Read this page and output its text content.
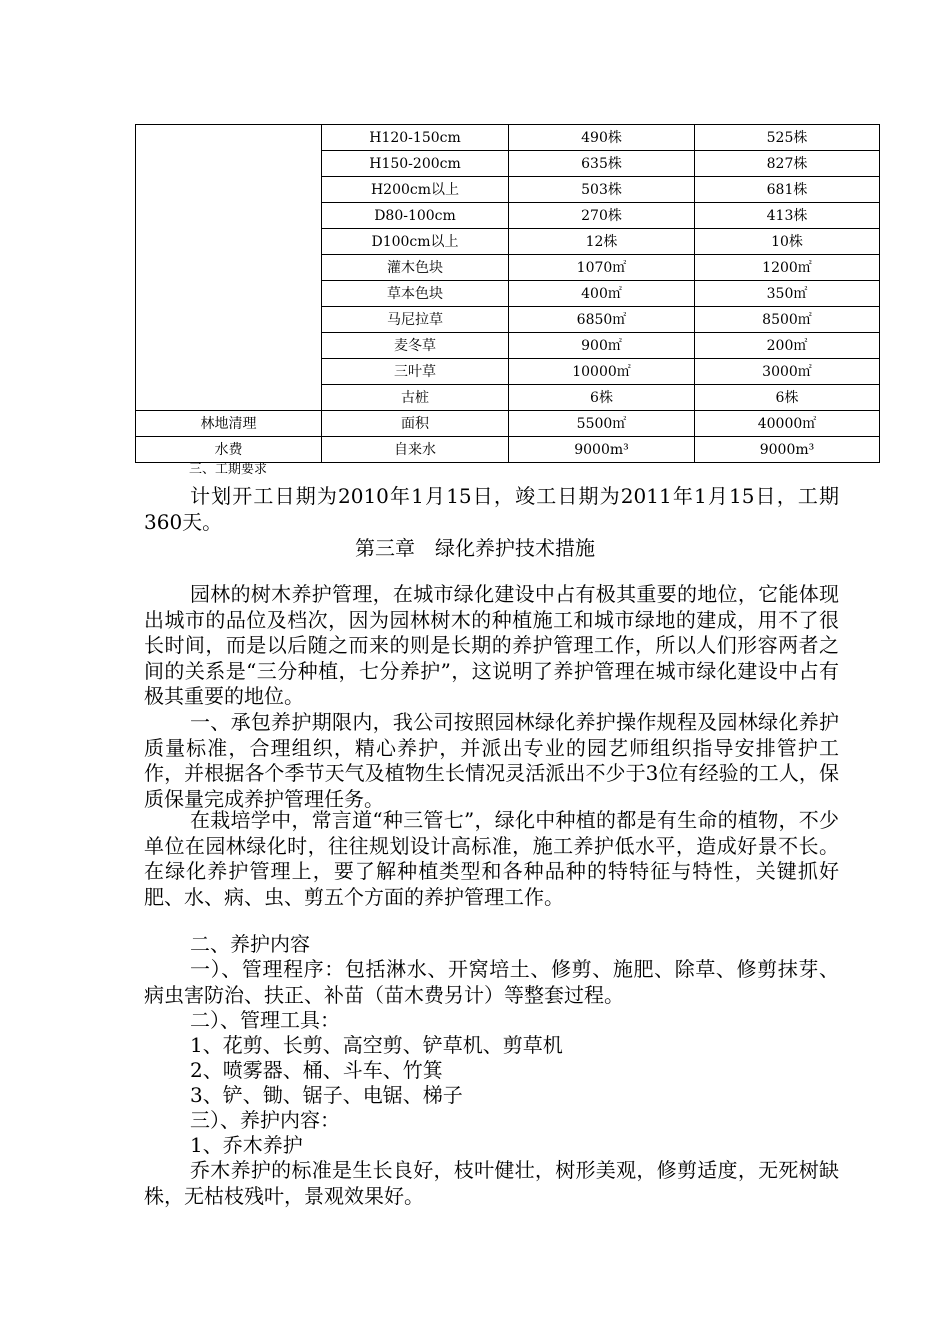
	H120-150cm	490株	525株
	H150-200cm	635株	827株
	H200cm以上	503株	681株
	D80-100cm	270株	413株
	D100cm以上	12株	10株
	灌木色块	1070㎡	1200㎡
	草本色块	400㎡	350㎡
	马尼拉草	6850㎡	8500㎡
	麦冬草	900㎡	200㎡
	三叶草	10000㎡	3000㎡
	古桩	6株	6株
林地清理	面积	5500㎡	40000㎡
水费	自来水	9000m³	9000m³
三、工期要求

计划开工日期为2010年1月15日，竣工日期为2011年1月15日，工期360天。

第三章　绿化养护技术措施

园林的树木养护管理，在城市绿化建设中占有极其重要的地位，它能体现出城市的品位及档次，因为园林树木的种植施工和城市绿地的建成，用不了很长时间，而是以后随之而来的则是长期的养护管理工作，所以人们形容两者之间的关系是“三分种植，七分养护”，这说明了养护管理在城市绿化建设中占有极其重要的地位。

一、承包养护期限内，我公司按照园林绿化养护操作规程及园林绿化养护质量标准，合理组织，精心养护，并派出专业的园艺师组织指导安排管护工作，并根据各个季节天气及植物生长情况灵活派出不少于3位有经验的工人，保质保量完成养护管理任务。

在栽培学中，常言道“种三管七”，绿化中种植的都是有生命的植物，不少单位在园林绿化时，往往规划设计高标准，施工养护低水平，造成好景不长。在绿化养护管理上，要了解种植类型和各种品种的特特征与特性，关键抓好肥、水、病、虫、剪五个方面的养护管理工作。

二、养护内容

一）、管理程序：包括淋水、开窝培土、修剪、施肥、除草、修剪抹芽、病虫害防治、扶正、补苗（苗木费另计）等整套过程。

二）、管理工具：

1、花剪、长剪、高空剪、铲草机、剪草机

2、喷雾器、桶、斗车、竹箕

3、铲、锄、锯子、电锯、梯子

三）、养护内容：

1、乔木养护

乔木养护的标准是生长良好，枝叶健壮，树形美观，修剪适度，无死树缺株，无枯枝残叶，景观效果好。
